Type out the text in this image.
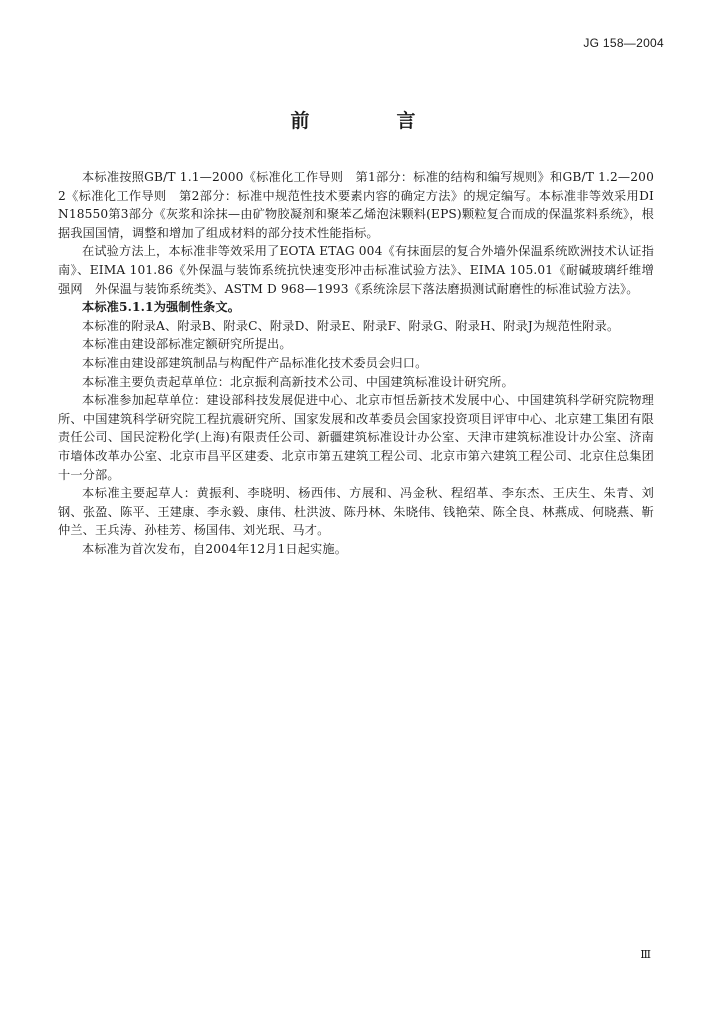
JG 158—2004
前　言

本标准按照GB/T 1.1—2000《标准化工作导则　第1部分：标准的结构和编写规则》和GB/T 1.2—2002《标准化工作导则　第2部分：标准中规范性技术要素内容的确定方法》的规定编写。本标准非等效采用DIN18550第3部分《灰浆和涂抹—由矿物胶凝剂和聚苯乙烯泡沫颗料(EPS)颗粒复合而成的保温浆料系统》，根据我国国情，调整和增加了组成材料的部分技术性能指标。

在试验方法上，本标准非等效采用了EOTA ETAG 004《有抹面层的复合外墙外保温系统欧洲技术认证指南》、EIMA 101.86《外保温与装饰系统抗快速变形冲击标准试验方法》、EIMA 105.01《耐碱玻璃纤维增强网　外保温与装饰系统类》、ASTM D 968—1993《系统涂层下落法磨损测试耐磨性的标准试验方法》。

本标准5.1.1为强制性条文。

本标准的附录A、附录B、附录C、附录D、附录E、附录F、附录G、附录H、附录J为规范性附录。

本标准由建设部标准定额研究所提出。

本标准由建设部建筑制品与构配件产品标准化技术委员会归口。

本标准主要负责起草单位：北京振利高新技术公司、中国建筑标准设计研究所。

本标准参加起草单位：建设部科技发展促进中心、北京市恒岳新技术发展中心、中国建筑科学研究院物理所、中国建筑科学研究院工程抗震研究所、国家发展和改革委员会国家投资项目评审中心、北京建工集团有限责任公司、国民淀粉化学(上海)有限责任公司、新疆建筑标准设计办公室、天津市建筑标准设计办公室、济南市墙体改革办公室、北京市昌平区建委、北京市第五建筑工程公司、北京市第六建筑工程公司、北京住总集团十一分部。

本标准主要起草人：黄振利、李晓明、杨西伟、方展和、冯金秋、程绍革、李东杰、王庆生、朱青、刘钢、张盈、陈平、王建康、李永毅、康伟、杜洪波、陈丹林、朱晓伟、钱艳荣、陈全良、林燕成、何晓燕、靳仲兰、王兵涛、孙桂芳、杨国伟、刘光珉、马才。

本标准为首次发布，自2004年12月1日起实施。

Ⅲ
